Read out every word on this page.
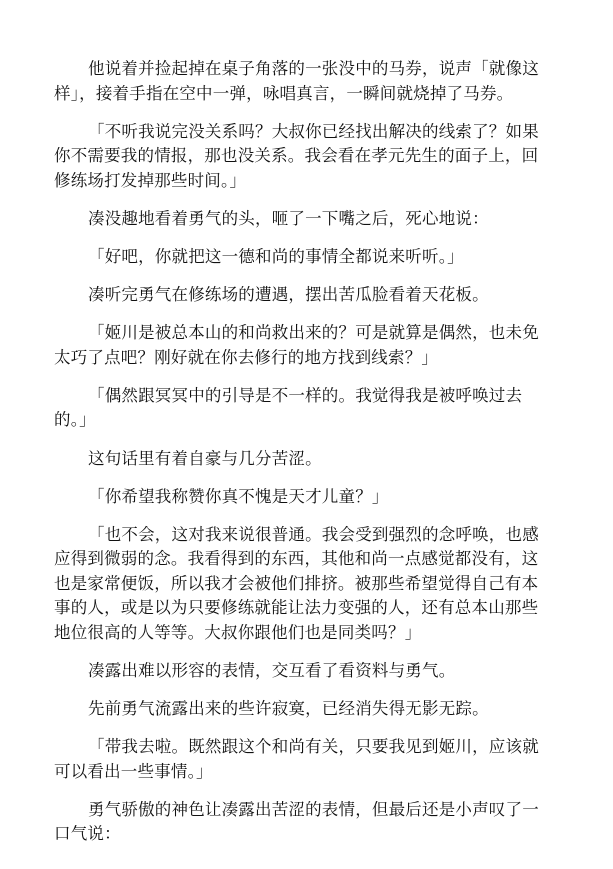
他说着并捡起掉在桌子角落的一张没中的马券，说声「就像这
样」，接着手指在空中一弹，咏唱真言，一瞬间就烧掉了马券。

「不听我说完没关系吗？大叔你已经找出解决的线索了？如果
你不需要我的情报，那也没关系。我会看在孝元先生的面子上，回
修练场打发掉那些时间。」

凑没趣地看着勇气的头，咂了一下嘴之后，死心地说：

「好吧，你就把这一德和尚的事情全都说来听听。」

凑听完勇气在修练场的遭遇，摆出苦瓜脸看着天花板。

「姬川是被总本山的和尚救出来的？可是就算是偶然，也未免
太巧了点吧？刚好就在你去修行的地方找到线索？」

「偶然跟冥冥中的引导是不一样的。我觉得我是被呼唤过去
的。」

这句话里有着自豪与几分苦涩。

「你希望我称赞你真不愧是天才儿童？」

「也不会，这对我来说很普通。我会受到强烈的念呼唤，也感
应得到微弱的念。我看得到的东西，其他和尚一点感觉都没有，这
也是家常便饭，所以我才会被他们排挤。被那些希望觉得自己有本
事的人，或是以为只要修练就能让法力变强的人，还有总本山那些
地位很高的人等等。大叔你跟他们也是同类吗？」

凑露出难以形容的表情，交互看了看资料与勇气。

先前勇气流露出来的些许寂寞，已经消失得无影无踪。

「带我去啦。既然跟这个和尚有关，只要我见到姬川，应该就
可以看出一些事情。」

勇气骄傲的神色让凑露出苦涩的表情，但最后还是小声叹了一
口气说：
